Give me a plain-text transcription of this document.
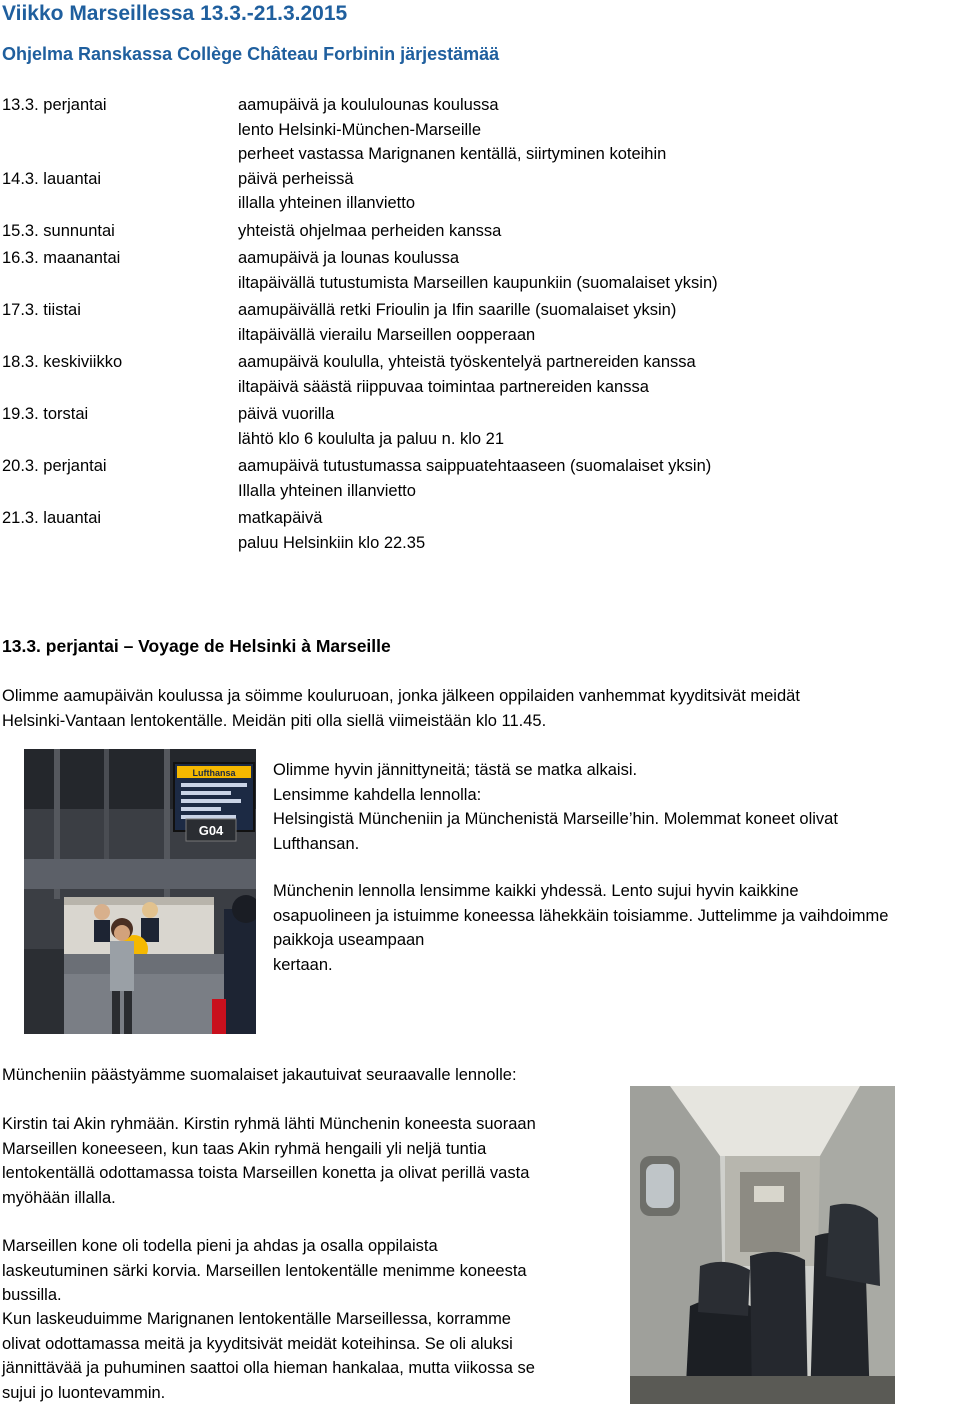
Viikko Marseillessa 13.3.-21.3.2015
Ohjelma Ranskassa Collège Château Forbinin järjestämää
13.3. perjantai	aamupäivä ja koululounas koulussa
lento Helsinki-München-Marseille
perheet vastassa Marignanen kentällä, siirtyminen koteihin
14.3. lauantai	päivä perheissä
illalla yhteinen illanvietto
15.3. sunnuntai	yhteistä ohjelmaa perheiden kanssa
16.3. maanantai	aamupäivä ja lounas koulussa
iltapäivällä tutustumista Marseillen kaupunkiin (suomalaiset yksin)
17.3. tiistai	aamupäivällä retki Frioulin ja Ifin saarille (suomalaiset yksin)
iltapäivällä vierailu Marseillen oopperaan
18.3. keskiviikko	aamupäivä koululla, yhteistä työskentelyä partnereiden kanssa
iltapäivä säästä riippuvaa toimintaa partnereiden kanssa
19.3. torstai	päivä vuorilla
lähtö klo 6 koululta ja paluu n. klo 21
20.3. perjantai	aamupäivä tutustumassa saippuatehtaaseen (suomalaiset yksin)
Illalla yhteinen illanvietto
21.3. lauantai	matkapäivä
paluu Helsinkiin klo 22.35
13.3. perjantai – Voyage de Helsinki à Marseille

Olimme aamupäivän koulussa ja söimme kouluruoan, jonka jälkeen oppilaiden vanhemmat kyyditsivät meidät

Helsinki-Vantaan lentokentälle. Meidän piti olla siellä viimeistään klo 11.45.

Lufthansa
G04

Olimme hyvin jännittyneitä; tästä se matka alkaisi.

Lensimme kahdella lennolla:

Helsingistä Müncheniin ja Münchenistä Marseille’hin. Molemmat koneet olivat

Lufthansan.

Münchenin lennolla lensimme kaikki yhdessä. Lento sujui hyvin kaikkine

osapuolineen ja istuimme koneessa lähekkäin toisiamme. Juttelimme ja vaihdoimme

paikkoja useampaan

kertaan.

Müncheniin päästyämme suomalaiset jakautuivat seuraavalle lennolle:

Kirstin tai Akin ryhmään. Kirstin ryhmä lähti Münchenin koneesta suoraan

Marseillen koneeseen, kun taas Akin ryhmä hengaili yli neljä tuntia

lentokentällä odottamassa toista Marseillen konetta ja olivat perillä vasta

myöhään illalla.

Marseillen kone oli todella pieni ja ahdas ja osalla oppilaista

laskeutuminen särki korvia. Marseillen lentokentälle menimme koneesta

bussilla.

Kun laskeuduimme Marignanen lentokentälle Marseillessa, korramme

olivat odottamassa meitä ja kyyditsivät meidät koteihinsa. Se oli aluksi

jännittävää ja puhuminen saattoi olla hieman hankalaa, mutta viikossa se

sujui jo luontevammin.
